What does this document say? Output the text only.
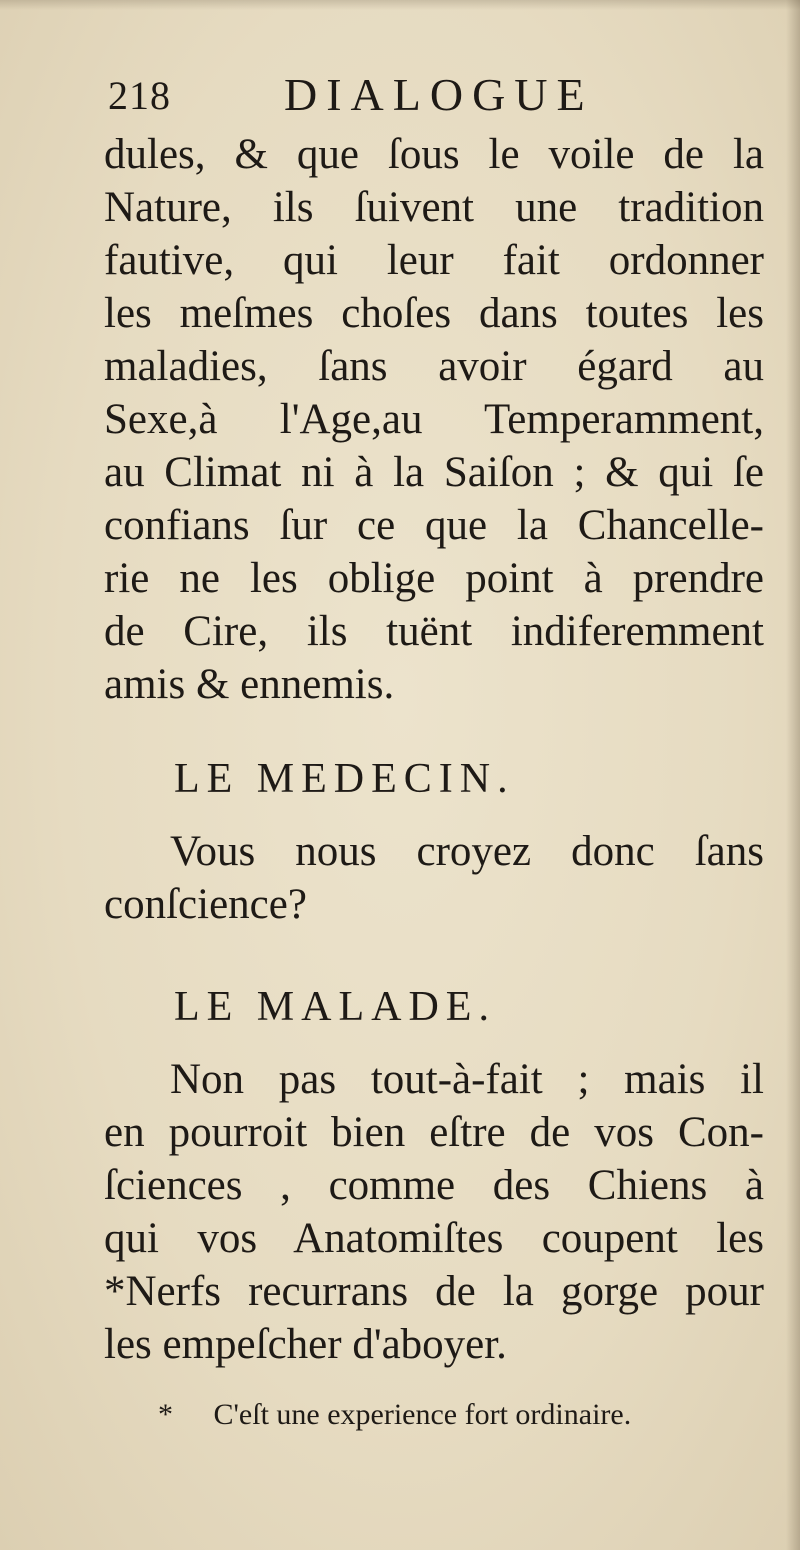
218 DIALOGUE
dules, & que ſous le voile de la
Nature, ils ſuivent une tradition
fautive, qui leur fait ordonner
les meſmes choſes dans toutes les
maladies, ſans avoir égard au
Sexe,à l'Age,au Temperamment,
au Climat ni à la Saiſon ; & qui ſe
confians ſur ce que la Chancelle-
rie ne les oblige point à prendre
de Cire, ils tuënt indiferemment
amis & ennemis.
LE MEDECIN.
Vous nous croyez donc ſans
conſcience?
LE MALADE.
Non pas tout-à-fait ; mais il
en pourroit bien eſtre de vos Con-
ſciences , comme des Chiens à
qui vos Anatomiſtes coupent les
*Nerfs recurrans de la gorge pour
les empeſcher d'aboyer.
* C'eſt une experience fort ordinaire.
